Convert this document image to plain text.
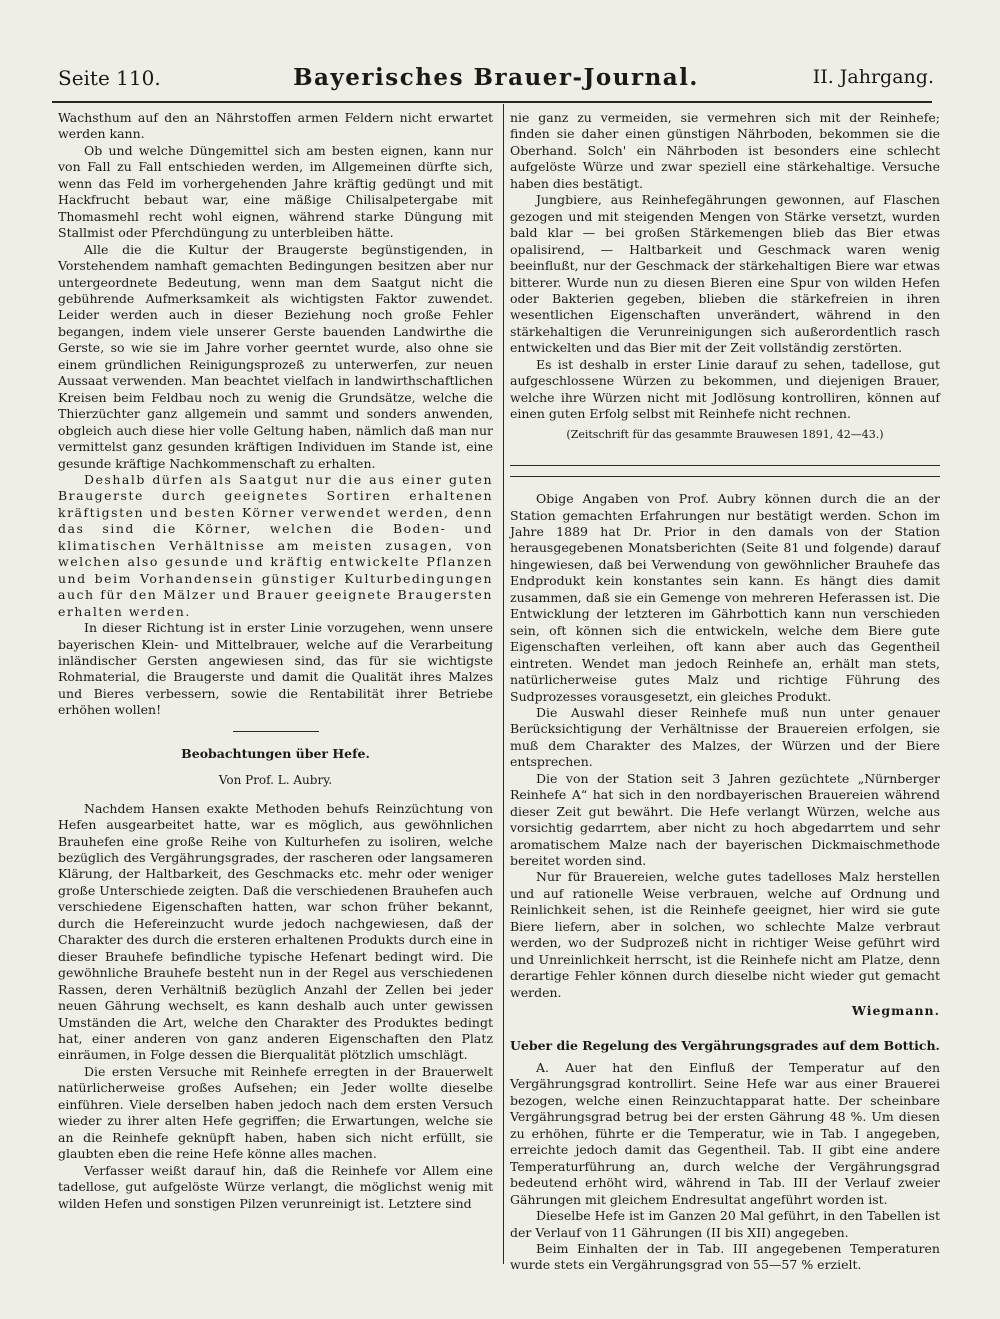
Seite 110.	Bayerisches Brauer-Journal.	II. Jahrgang.

Wachsthum auf den an Nährstoffen armen Feldern nicht erwartet werden kann.

Ob und welche Düngemittel sich am besten eignen, kann nur von Fall zu Fall entschieden werden, im Allgemeinen dürfte sich, wenn das Feld im vorhergehenden Jahre kräftig gedüngt und mit Hackfrucht bebaut war, eine mäßige Chilisalpetergabe mit Thomasmehl recht wohl eignen, während starke Düngung mit Stallmist oder Pferchdüngung zu unterbleiben hätte.

Alle die die Kultur der Braugerste begünstigenden, in Vorstehendem namhaft gemachten Bedingungen besitzen aber nur untergeordnete Bedeutung, wenn man dem Saatgut nicht die gebührende Aufmerksamkeit als wichtigsten Faktor zuwendet. Leider werden auch in dieser Beziehung noch große Fehler begangen, indem viele unserer Gerste bauenden Landwirthe die Gerste, so wie sie im Jahre vorher geerntet wurde, also ohne sie einem gründlichen Reinigungsprozeß zu unterwerfen, zur neuen Aussaat verwenden. Man beachtet vielfach in landwirthschaftlichen Kreisen beim Feldbau noch zu wenig die Grundsätze, welche die Thierzüchter ganz allgemein und sammt und sonders anwenden, obgleich auch diese hier volle Geltung haben, nämlich daß man nur vermittelst ganz gesunden kräftigen Individuen im Stande ist, eine gesunde kräftige Nachkommenschaft zu erhalten.

Deshalb dürfen als Saatgut nur die aus einer guten Braugerste durch geeignetes Sortiren erhaltenen kräftigsten und besten Körner verwendet werden, denn das sind die Körner, welchen die Boden- und klimatischen Verhältnisse am meisten zusagen, von welchen also gesunde und kräftig entwickelte Pflanzen und beim Vorhandensein günstiger Kulturbedingungen auch für den Mälzer und Brauer geeignete Braugersten erhalten werden.

In dieser Richtung ist in erster Linie vorzugehen, wenn unsere bayerischen Klein- und Mittelbrauer, welche auf die Verarbeitung inländischer Gersten angewiesen sind, das für sie wichtigste Rohmaterial, die Braugerste und damit die Qualität ihres Malzes und Bieres verbessern, sowie die Rentabilität ihrer Betriebe erhöhen wollen!

Beobachtungen über Hefe.
Von Prof. L. Aubry.

Nachdem Hansen exakte Methoden behufs Reinzüchtung von Hefen ausgearbeitet hatte, war es möglich, aus gewöhnlichen Brauhefen eine große Reihe von Kulturhefen zu isoliren, welche bezüglich des Vergährungsgrades, der rascheren oder langsameren Klärung, der Haltbarkeit, des Geschmacks etc. mehr oder weniger große Unterschiede zeigten. Daß die verschiedenen Brauhefen auch verschiedene Eigenschaften hatten, war schon früher bekannt, durch die Hefereinzucht wurde jedoch nachgewiesen, daß der Charakter des durch die ersteren erhaltenen Produkts durch eine in dieser Brauhefe befindliche typische Hefenart bedingt wird. Die gewöhnliche Brauhefe besteht nun in der Regel aus verschiedenen Rassen, deren Verhältniß bezüglich Anzahl der Zellen bei jeder neuen Gährung wechselt, es kann deshalb auch unter gewissen Umständen die Art, welche den Charakter des Produktes bedingt hat, einer anderen von ganz anderen Eigenschaften den Platz einräumen, in Folge dessen die Bierqualität plötzlich umschlägt.

Die ersten Versuche mit Reinhefe erregten in der Brauerwelt natürlicherweise großes Aufsehen; ein Jeder wollte dieselbe einführen. Viele derselben haben jedoch nach dem ersten Versuch wieder zu ihrer alten Hefe gegriffen; die Erwartungen, welche sie an die Reinhefe geknüpft haben, haben sich nicht erfüllt, sie glaubten eben die reine Hefe könne alles machen.

Verfasser weißt darauf hin, daß die Reinhefe vor Allem eine tadellose, gut aufgelöste Würze verlangt, die möglichst wenig mit wilden Hefen und sonstigen Pilzen verunreinigt ist. Letztere sind

nie ganz zu vermeiden, sie vermehren sich mit der Reinhefe; finden sie daher einen günstigen Nährboden, bekommen sie die Oberhand. Solch' ein Nährboden ist besonders eine schlecht aufgelöste Würze und zwar speziell eine stärkehaltige. Versuche haben dies bestätigt.

Jungbiere, aus Reinhefegährungen gewonnen, auf Flaschen gezogen und mit steigenden Mengen von Stärke versetzt, wurden bald klar — bei großen Stärkemengen blieb das Bier etwas opalisirend, — Haltbarkeit und Geschmack waren wenig beeinflußt, nur der Geschmack der stärkehaltigen Biere war etwas bitterer. Wurde nun zu diesen Bieren eine Spur von wilden Hefen oder Bakterien gegeben, blieben die stärkefreien in ihren wesentlichen Eigenschaften unverändert, während in den stärkehaltigen die Verunreinigungen sich außerordentlich rasch entwickelten und das Bier mit der Zeit vollständig zerstörten.

Es ist deshalb in erster Linie darauf zu sehen, tadellose, gut aufgeschlossene Würzen zu bekommen, und diejenigen Brauer, welche ihre Würzen nicht mit Jodlösung kontrolliren, können auf einen guten Erfolg selbst mit Reinhefe nicht rechnen.

(Zeitschrift für das gesammte Brauwesen 1891, 42—43.)

Obige Angaben von Prof. Aubry können durch die an der Station gemachten Erfahrungen nur bestätigt werden. Schon im Jahre 1889 hat Dr. Prior in den damals von der Station herausgegebenen Monatsberichten (Seite 81 und folgende) darauf hingewiesen, daß bei Verwendung von gewöhnlicher Brauhefe das Endprodukt kein konstantes sein kann. Es hängt dies damit zusammen, daß sie ein Gemenge von mehreren Heferassen ist. Die Entwicklung der letzteren im Gährbottich kann nun verschieden sein, oft können sich die entwickeln, welche dem Biere gute Eigenschaften verleihen, oft kann aber auch das Gegentheil eintreten. Wendet man jedoch Reinhefe an, erhält man stets, natürlicherweise gutes Malz und richtige Führung des Sudprozesses vorausgesetzt, ein gleiches Produkt.

Die Auswahl dieser Reinhefe muß nun unter genauer Berücksichtigung der Verhältnisse der Brauereien erfolgen, sie muß dem Charakter des Malzes, der Würzen und der Biere entsprechen.

Die von der Station seit 3 Jahren gezüchtete „Nürnberger Reinhefe A“ hat sich in den nordbayerischen Brauereien während dieser Zeit gut bewährt. Die Hefe verlangt Würzen, welche aus vorsichtig gedarrtem, aber nicht zu hoch abgedarrtem und sehr aromatischem Malze nach der bayerischen Dickmaischmethode bereitet worden sind.

Nur für Brauereien, welche gutes tadelloses Malz herstellen und auf rationelle Weise verbrauen, welche auf Ordnung und Reinlichkeit sehen, ist die Reinhefe geeignet, hier wird sie gute Biere liefern, aber in solchen, wo schlechte Malze verbraut werden, wo der Sudprozeß nicht in richtiger Weise geführt wird und Unreinlichkeit herrscht, ist die Reinhefe nicht am Platze, denn derartige Fehler können durch dieselbe nicht wieder gut gemacht werden.

Wiegmann.
Ueber die Regelung des Vergährungsgrades auf dem Bottich.

A. Auer hat den Einfluß der Temperatur auf den Vergährungsgrad kontrollirt. Seine Hefe war aus einer Brauerei bezogen, welche einen Reinzuchtapparat hatte. Der scheinbare Vergährungsgrad betrug bei der ersten Gährung 48 %. Um diesen zu erhöhen, führte er die Temperatur, wie in Tab. I angegeben, erreichte jedoch damit das Gegentheil. Tab. II gibt eine andere Temperaturführung an, durch welche der Vergährungsgrad bedeutend erhöht wird, während in Tab. III der Verlauf zweier Gährungen mit gleichem Endresultat angeführt worden ist.

Dieselbe Hefe ist im Ganzen 20 Mal geführt, in den Tabellen ist der Verlauf von 11 Gährungen (II bis XII) angegeben.

Beim Einhalten der in Tab. III angegebenen Temperaturen wurde stets ein Vergährungsgrad von 55—57 % erzielt.
